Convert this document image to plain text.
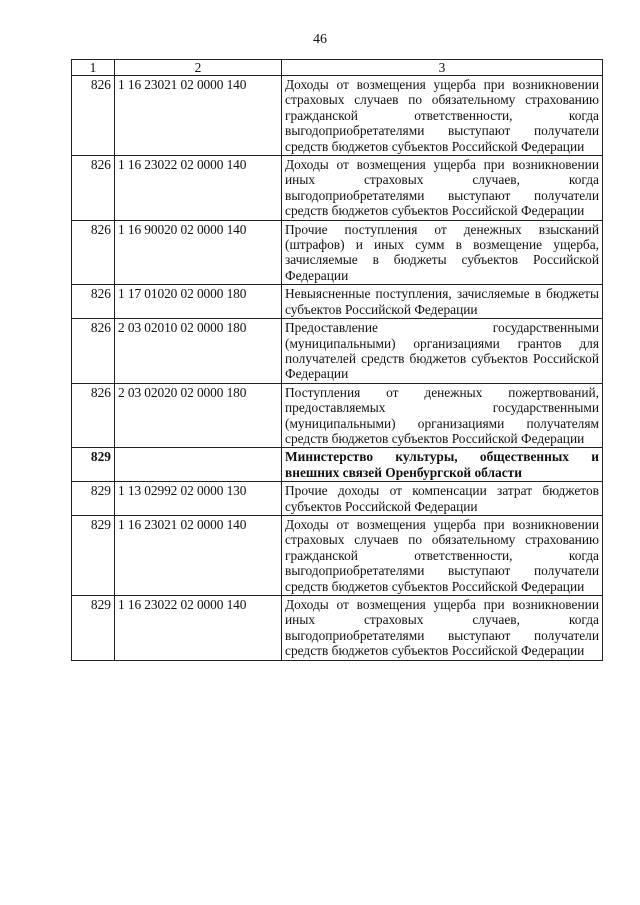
46
1	2	3
826	1 16 23021 02 0000 140	Доходы от возмещения ущерба при возникновении страховых случаев по обязательному страхованию гражданской ответственности, когда выгодоприобретателями выступают получатели средств бюджетов субъектов Российской Федерации
826	1 16 23022 02 0000 140	Доходы от возмещения ущерба при возникновении иных страховых случаев, когда выгодоприобретателями выступают получатели средств бюджетов субъектов Российской Федерации
826	1 16 90020 02 0000 140	Прочие поступления от денежных взысканий (штрафов) и иных сумм в возмещение ущерба, зачисляемые в бюджеты субъектов Российской Федерации
826	1 17 01020 02 0000 180	Невыясненные поступления, зачисляемые в бюджеты субъектов Российской Федерации
826	2 03 02010 02 0000 180	Предоставление государственными (муниципальными) организациями грантов для получателей средств бюджетов субъектов Российской Федерации
826	2 03 02020 02 0000 180	Поступления от денежных пожертвований, предоставляемых государственными (муниципальными) организациями получателям средств бюджетов субъектов Российской Федерации
829		Министерство культуры, общественных и внешних связей Оренбургской области
829	1 13 02992 02 0000 130	Прочие доходы от компенсации затрат бюджетов субъектов Российской Федерации
829	1 16 23021 02 0000 140	Доходы от возмещения ущерба при возникновении страховых случаев по обязательному страхованию гражданской ответственности, когда выгодоприобретателями выступают получатели средств бюджетов субъектов Российской Федерации
829	1 16 23022 02 0000 140	Доходы от возмещения ущерба при возникновении иных страховых случаев, когда выгодоприобретателями выступают получатели средств бюджетов субъектов Российской Федерации
